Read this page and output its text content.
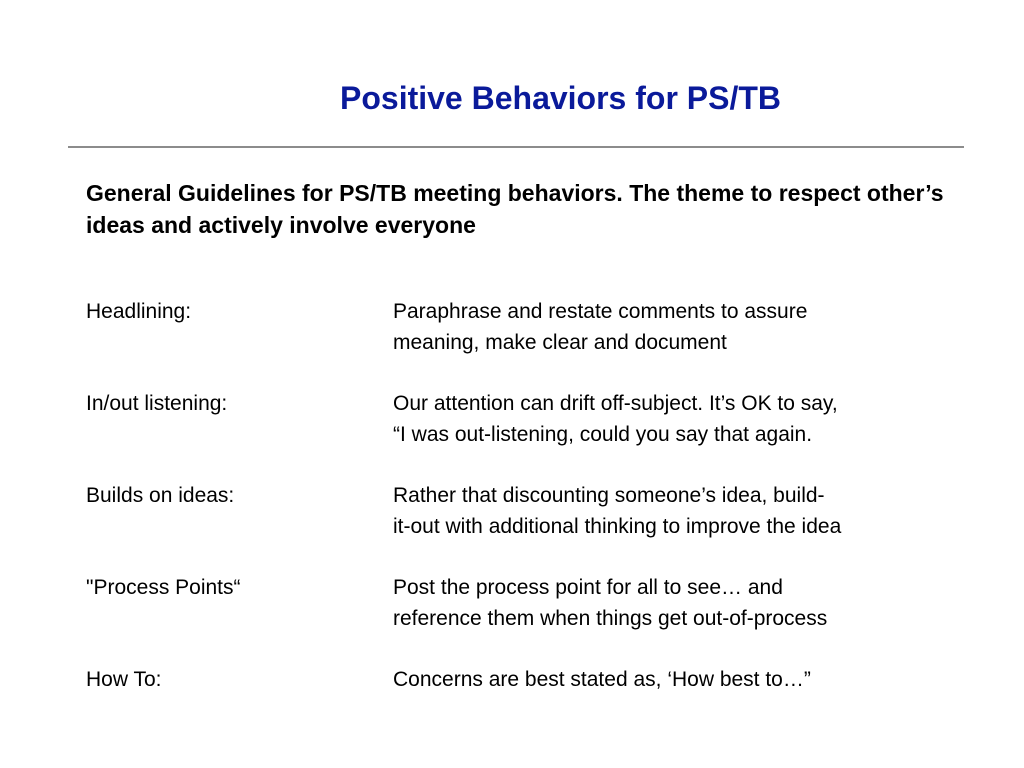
Positive Behaviors for PS/TB
General Guidelines for PS/TB meeting behaviors. The theme to respect other’s ideas and actively involve everyone
Headlining:	Paraphrase and restate comments to assure
meaning, make clear and document
In/out listening:	Our attention can drift off-subject. It’s OK to say,
“I was out-listening, could you say that again.
Builds on ideas:	Rather that discounting someone’s idea, build-
it-out with additional thinking to improve the idea
"Process Points“	Post the process point for all to see… and
reference them when things get out-of-process
How To:	Concerns are best stated as, ‘How best to…”
